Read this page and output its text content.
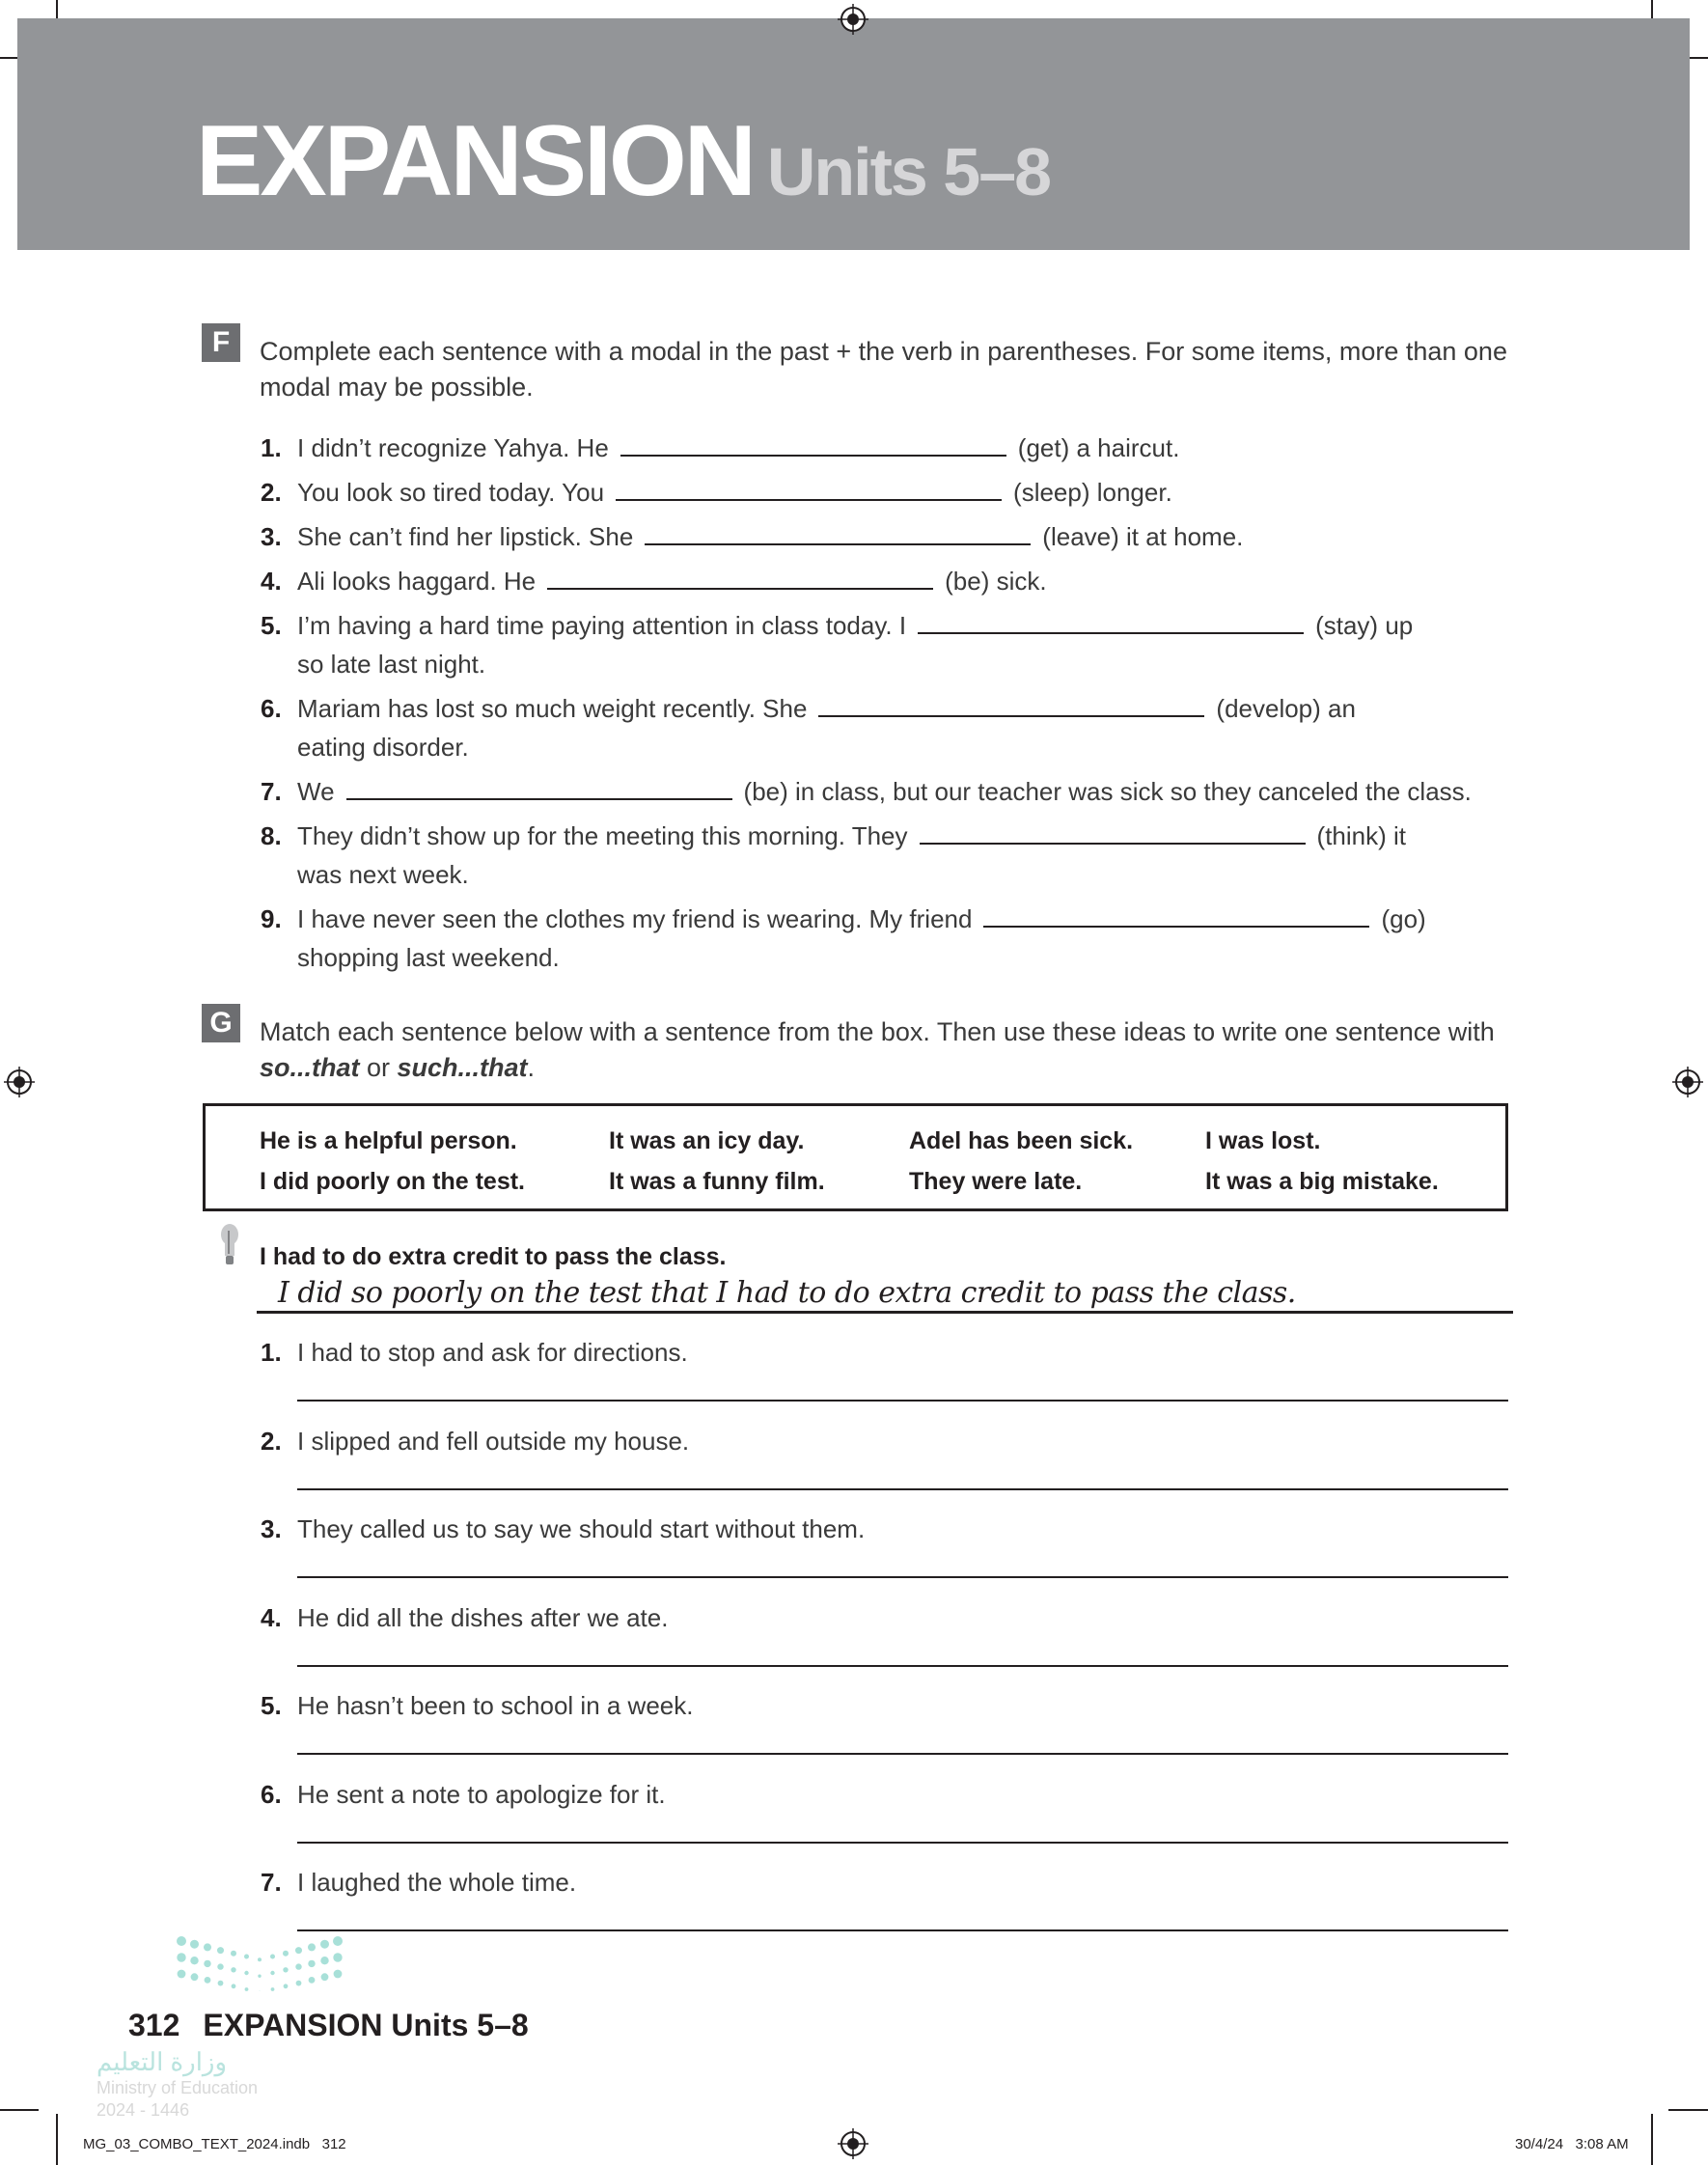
EXPANSION Units 5–8
F	Complete each sentence with a modal in the past + the verb in parentheses. For some items, more than one modal may be possible.
1. I didn’t recognize Yahya. He	(get) a haircut.
2. You look so tired today. You	(sleep) longer.
3. She can’t find her lipstick. She	(leave) it at home.
4. Ali looks haggard. He	(be) sick.
5. I’m having a hard time paying attention in class today. I	(stay) up
so late last night.
6. Mariam has lost so much weight recently. She	(develop) an
eating disorder.
7. We	(be) in class, but our teacher was sick so they canceled the class.
8. They didn’t show up for the meeting this morning. They	(think) it
was next week.
9. I have never seen the clothes my friend is wearing. My friend	(go)
shopping last weekend.
G	Match each sentence below with a sentence from the box. Then use these ideas to write one sentence with so...that or such...that.
He is a helpful person.	It was an icy day.	Adel has been sick.	I was lost.
I did poorly on the test.	It was a funny film.	They were late.	It was a big mistake.
I had to do extra credit to pass the class.
I did so poorly on the test that I had to do extra credit to pass the class.
1. I had to stop and ask for directions.
2. I slipped and fell outside my house.
3. They called us to say we should start without them.
4. He did all the dishes after we ate.
5. He hasn’t been to school in a week.
6. He sent a note to apologize for it.
7. I laughed the whole time.
312 EXPANSION Units 5–8
وزارة التعليم
Ministry of Education
2024 - 1446
MG_03_COMBO_TEXT_2024.indb   312	30/4/24   3:08 AM
